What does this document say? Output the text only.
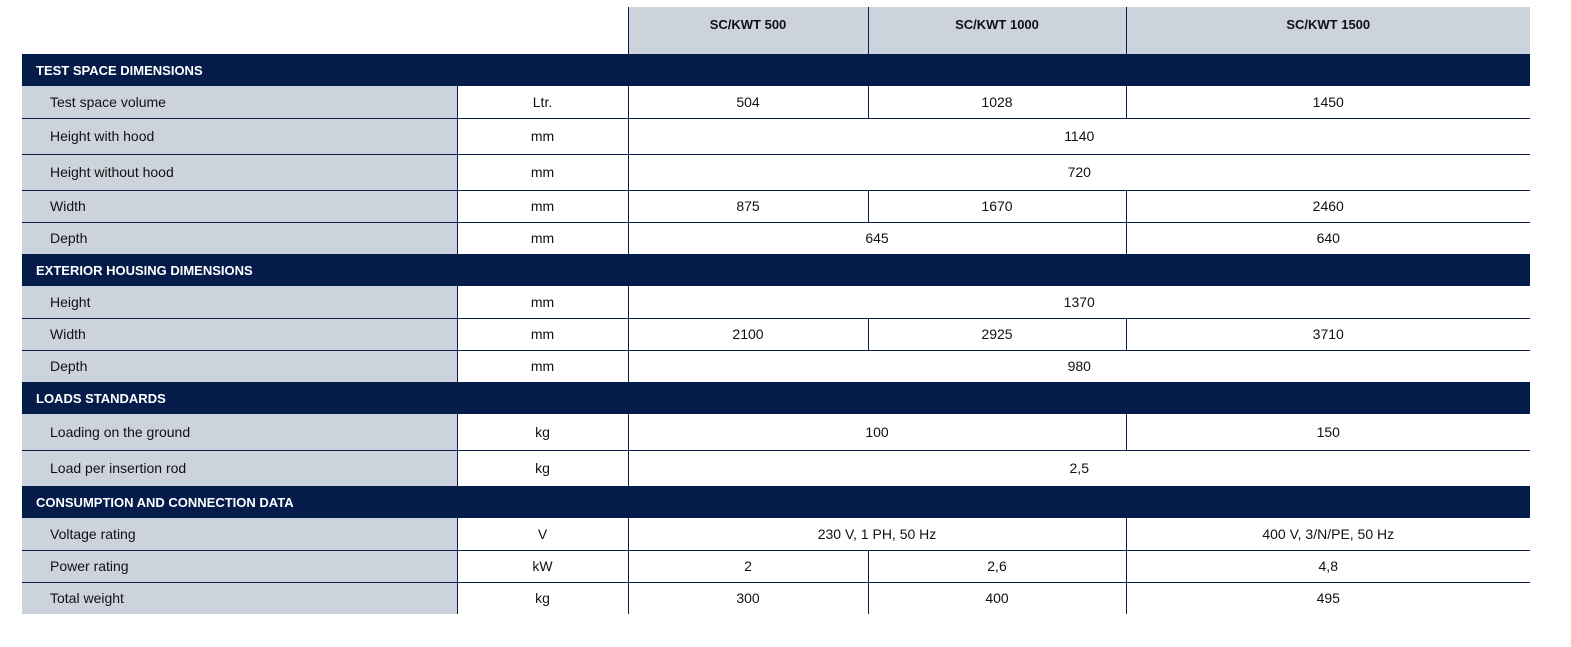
		SC/KWT 500	SC/KWT 1000	SC/KWT 1500
TEST SPACE DIMENSIONS				
Test space volume	Ltr.	504	1028	1450
Height with hood	mm	1140		
Height without hood	mm	720		
Width	mm	875	1670	2460
Depth	mm	645		640
EXTERIOR HOUSING DIMENSIONS				
Height	mm	1370		
Width	mm	2100	2925	3710
Depth	mm	980		
LOADS STANDARDS				
Loading on the ground	kg	100		150
Load per insertion rod	kg	2,5		
CONSUMPTION AND CONNECTION DATA				
Voltage rating	V	230 V, 1 PH, 50 Hz		400 V, 3/N/PE, 50 Hz
Power rating	kW	2	2,6	4,8
Total weight	kg	300	400	495
